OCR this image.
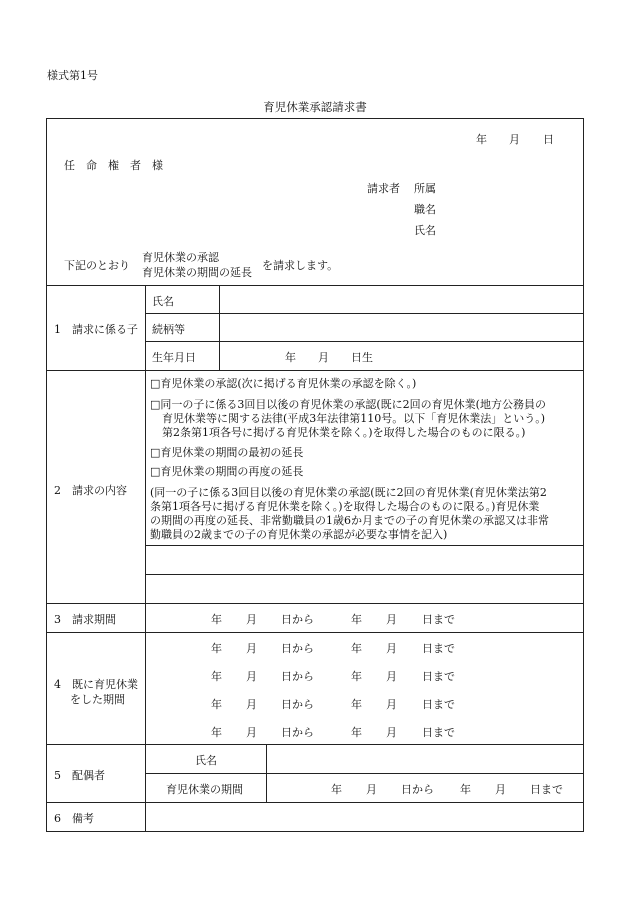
様式第1号
育児休業承認請求書
年 月 日
任　命　権　者　様
請求者 所属
職名
氏名
下記のとおり
育児休業の承認
育児休業の期間の延長
を請求します。
1　請求に係る子
氏名
続柄等
生年月日	年 月 日生
2　請求の内容
□育児休業の承認(次に掲げる育児休業の承認を除く。)
□同一の子に係る3回目以後の育児休業の承認(既に2回の育児休業(地方公務員の
育児休業等に関する法律(平成3年法律第110号。以下「育児休業法」という。)
第2条第1項各号に掲げる育児休業を除く。)を取得した場合のものに限る。)
□育児休業の期間の最初の延長
□育児休業の期間の再度の延長
(同一の子に係る3回目以後の育児休業の承認(既に2回の育児休業(育児休業法第2
条第1項各号に掲げる育児休業を除く。)を取得した場合のものに限る。)育児休業
の期間の再度の延長、非常勤職員の1歳6か月までの子の育児休業の承認又は非常
勤職員の2歳までの子の育児休業の承認が必要な事情を記入)
3　請求期間	年 月 日から	年 月 日まで
4　既に育児休業
をした期間
年 月 日から	年 月 日まで
年 月 日から	年 月 日まで
年 月 日から	年 月 日まで
年 月 日から	年 月 日まで
5　配偶者
氏名
育児休業の期間	年 月 日から 年 月 日まで
6　備考
